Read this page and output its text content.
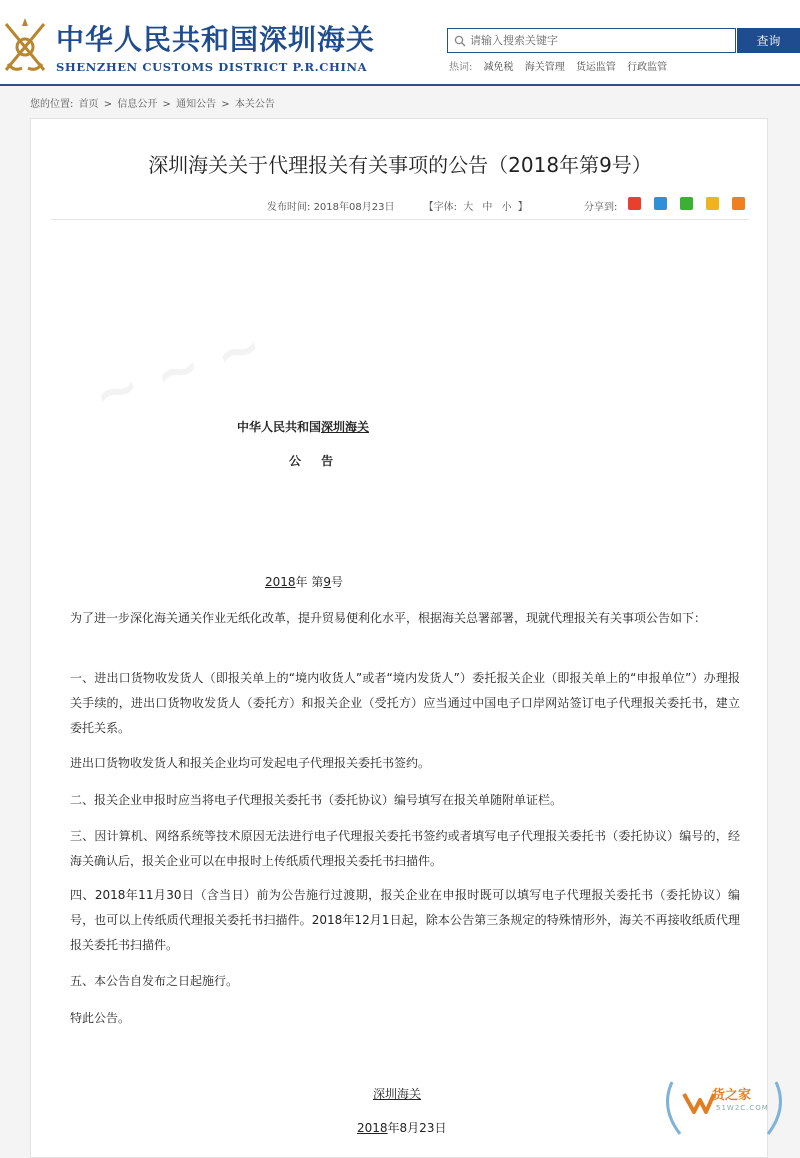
中华人民共和国深圳海关
SHENZHEN CUSTOMS DISTRICT P.R.CHINA
请输入搜索关键字
查询
热词: 减免税 海关管理 货运监管 行政监管
您的位置: 首页 > 信息公开 > 通知公告 > 本关公告
~ ~ ~
深圳海关关于代理报关有关事项的公告（2018年第9号）
发布时间: 2018年08月23日	【字体: 大 中 小 】	分享到:

中华人民共和国深圳海关
公 告
2018年 第9号
为了进一步深化海关通关作业无纸化改革，提升贸易便利化水平，根据海关总署部署，现就代理报关有关事项公告如下：
一、进出口货物收发货人（即报关单上的“境内收货人”或者“境内发货人”）委托报关企业（即报关单上的“申报单位”）办理报关手续的，进出口货物收发货人（委托方）和报关企业（受托方）应当通过中国电子口岸网站签订电子代理报关委托书，建立委托关系。
进出口货物收发货人和报关企业均可发起电子代理报关委托书签约。
二、报关企业申报时应当将电子代理报关委托书（委托协议）编号填写在报关单随附单证栏。
三、因计算机、网络系统等技术原因无法进行电子代理报关委托书签约或者填写电子代理报关委托书（委托协议）编号的，经海关确认后，报关企业可以在申报时上传纸质代理报关委托书扫描件。
四、2018年11月30日（含当日）前为公告施行过渡期，报关企业在申报时既可以填写电子代理报关委托书（委托协议）编号，也可以上传纸质代理报关委托书扫描件。2018年12月1日起，除本公告第三条规定的特殊情形外，海关不再接收纸质代理报关委托书扫描件。
五、本公告自发布之日起施行。
特此公告。
深圳海关
2018年8月23日
货之家
51W2C.COM
